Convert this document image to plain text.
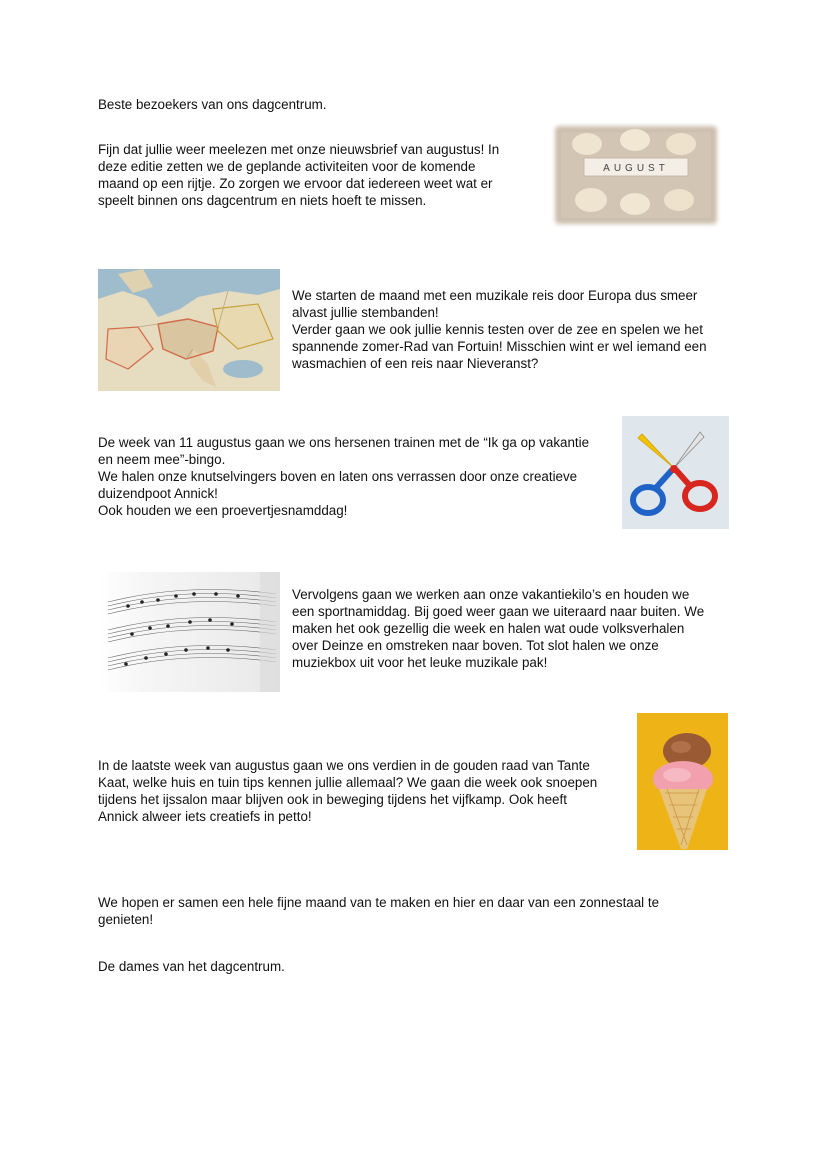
Beste bezoekers van ons dagcentrum.

Fijn dat jullie weer meelezen met onze nieuwsbrief van augustus! In

deze editie zetten we de geplande activiteiten voor de komende

maand op een rijtje. Zo zorgen we ervoor dat iedereen weet wat er

speelt binnen ons dagcentrum en niets hoeft te missen.

AUGUST

We starten de maand met een muzikale reis door Europa dus smeer

alvast jullie stembanden!

Verder gaan we ook jullie kennis testen over de zee en spelen we het

spannende zomer-Rad van Fortuin! Misschien wint er wel iemand een

wasmachien of een reis naar Nieveranst?

De week van 11 augustus gaan we ons hersenen trainen met de “Ik ga op vakantie

en neem mee”-bingo.

We halen onze knutselvingers boven en laten ons verrassen door onze creatieve

duizendpoot Annick!

Ook houden we een proevertjesnamddag!

Vervolgens gaan we werken aan onze vakantiekilo’s en houden we

een sportnamiddag. Bij goed weer gaan we uiteraard naar buiten. We

maken het ook gezellig die week en halen wat oude volksverhalen

over Deinze en omstreken naar boven. Tot slot halen we onze

muziekbox uit voor het leuke muzikale pak!

In de laatste week van augustus gaan we ons verdien in de gouden raad van Tante

Kaat, welke huis en tuin tips kennen jullie allemaal? We gaan die week ook snoepen

tijdens het ijssalon maar blijven ook in beweging tijdens het vijfkamp. Ook heeft

Annick alweer iets creatiefs in petto!

We hopen er samen een hele fijne maand van te maken en hier en daar van een zonnestaal te

genieten!

De dames van het dagcentrum.
